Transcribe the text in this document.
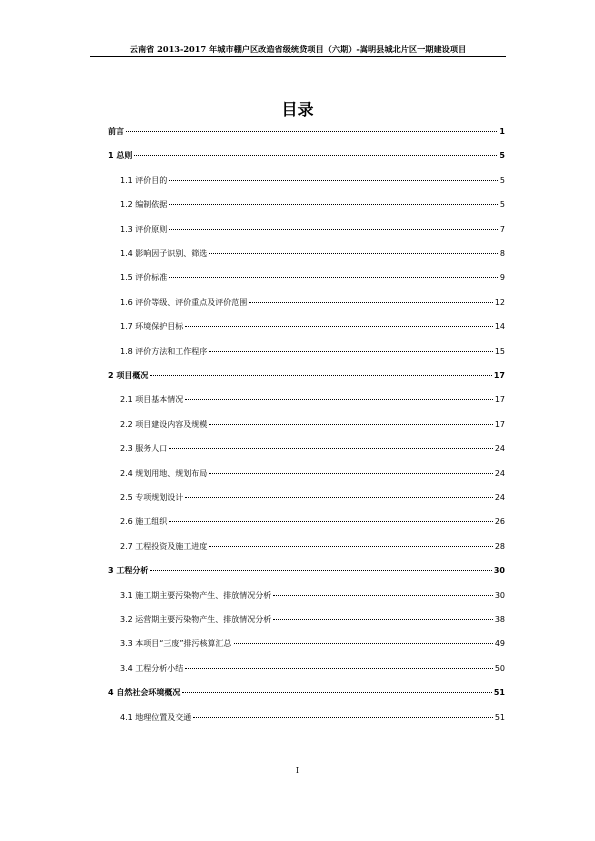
云南省 2013-2017 年城市棚户区改造省级统贷项目（六期）-嵩明县城北片区一期建设项目
目录
前言	1
1 总则	5
1.1 评价目的	5
1.2 编制依据	5
1.3 评价原则	7
1.4 影响因子识别、筛选	8
1.5 评价标准	9
1.6 评价等级、评价重点及评价范围	12
1.7 环境保护目标	14
1.8 评价方法和工作程序	15
2 项目概况	17
2.1 项目基本情况	17
2.2 项目建设内容及规模	17
2.3 服务人口	24
2.4 规划用地、规划布局	24
2.5 专项规划设计	24
2.6 施工组织	26
2.7 工程投资及施工进度	28
3 工程分析	30
3.1 施工期主要污染物产生、排放情况分析	30
3.2 运营期主要污染物产生、排放情况分析	38
3.3 本项目“三废”排污核算汇总	49
3.4 工程分析小结	50
4 自然社会环境概况	51
4.1 地理位置及交通	51
I
